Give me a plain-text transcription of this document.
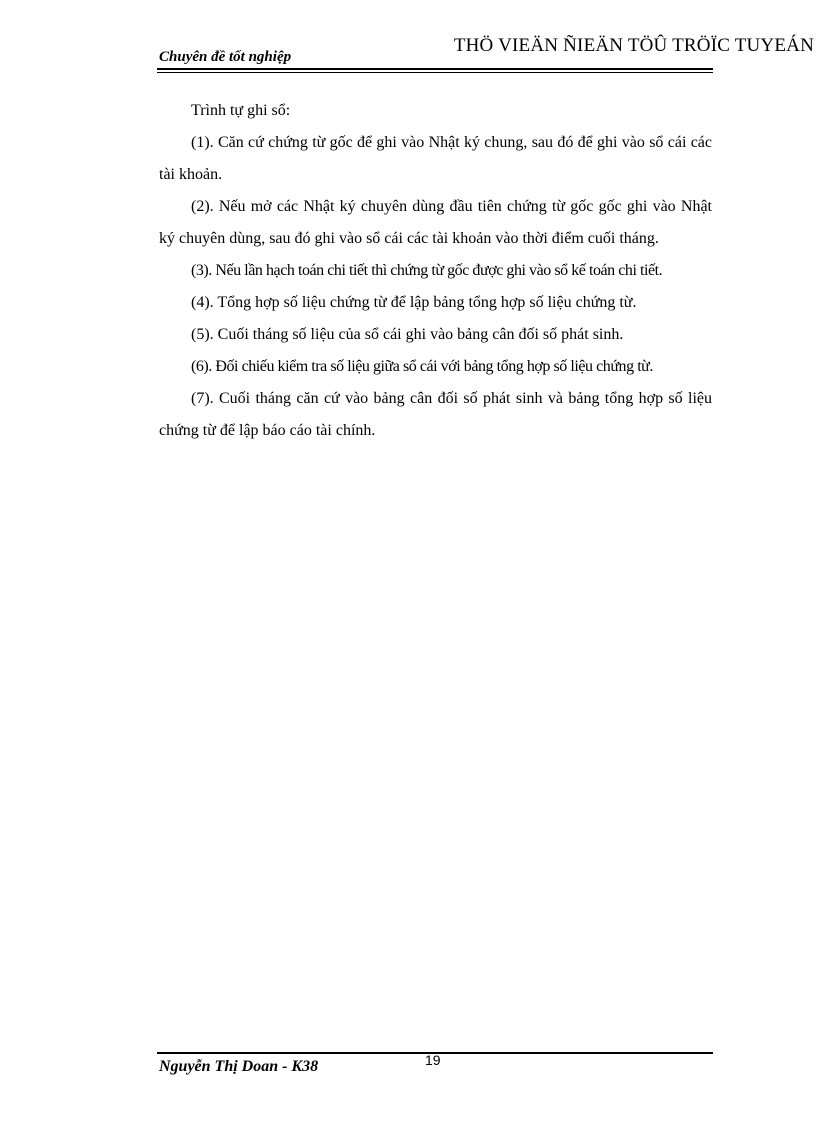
Chuyên đề tốt nghiệp
THÖ VIEÄN ÑIEÄN TÖÛ TRÖÏC TUYEÁN

Trình tự ghi sổ:

(1). Căn cứ chứng từ gốc để ghi vào Nhật ký chung, sau đó để ghi vào sổ cái các tài khoản.

(2). Nếu mở các Nhật ký chuyên dùng đầu tiên chứng từ gốc gốc ghi vào Nhật ký chuyên dùng, sau đó ghi vào sổ cái các tài khoản vào thời điểm cuối tháng.

(3). Nếu lần hạch toán chi tiết thì chứng từ gốc được ghi vào sổ kế toán chi tiết.

(4). Tổng hợp số liệu chứng từ để lập bảng tổng hợp số liệu chứng từ.

(5). Cuối tháng số liệu của sổ cái ghi vào bảng cân đối số phát sinh.

(6). Đối chiếu kiểm tra số liệu giữa sổ cái với bảng tổng hợp số liệu chứng từ.

(7). Cuối tháng căn cứ vào bảng cân đối số phát sinh và bảng tổng hợp số liệu chứng từ để lập báo cáo tài chính.

Nguyễn Thị Doan - K38	19
